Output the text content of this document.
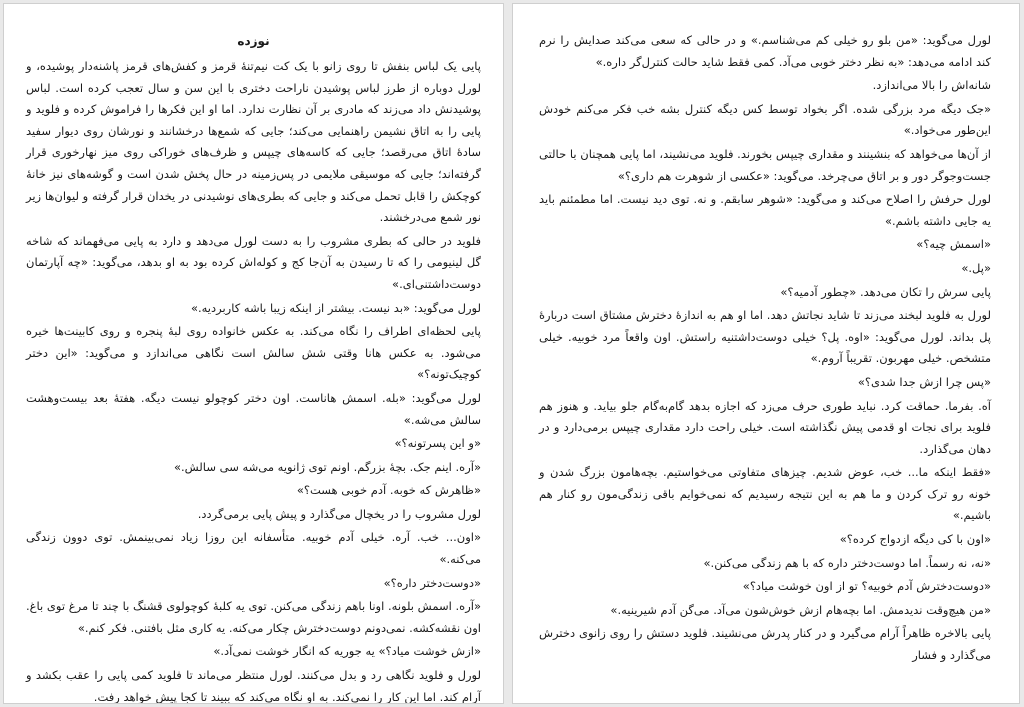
نوزده

پایی یک لباس بنفش تا روی زانو با یک کت نیم‌تنهٔ قرمز و کفش‌های قرمز پاشنه‌دار پوشیده، و لورل دوباره از طرز لباس پوشیدن ناراحت دختری با این سن و سال تعجب کرده است. لباس پوشیدنش داد می‌زند که مادری بر آن نظارت ندارد. اما او این فکرها را فراموش کرده و فلوید و پایی را به اتاق نشیمن راهنمایی می‌کند؛ جایی که شمع‌ها درخشانند و نورشان روی دیوار سفید سادهٔ اتاق می‌رقصد؛ جایی که کاسه‌های چیپس و ظرف‌های خوراکی روی میز نهارخوری قرار گرفته‌اند؛ جایی که موسیقی ملایمی در پس‌زمینه در حال پخش شدن است و گوشه‌های نیز خانهٔ کوچکش را قابل تحمل می‌کند و جایی که بطری‌های نوشیدنی در یخدان قرار گرفته و لیوان‌ها زیر نور شمع می‌درخشند.

فلوید در حالی که بطری مشروب را به دست لورل می‌دهد و دارد به پایی می‌فهماند که شاخه گل لینیومی را که تا رسیدن به آن‌جا کج و کوله‌اش کرده بود به او بدهد، می‌گوید: «چه آپارتمان دوست‌داشتنی‌ای.»

لورل می‌گوید: «بد نیست. بیشتر از اینکه زیبا باشه کاربردیه.»

پایی لحظه‌ای اطراف را نگاه می‌کند. به عکس خانواده روی لبهٔ پنجره و روی کابینت‌ها خیره می‌شود. به عکس هانا وقتی شش سالش است نگاهی می‌اندازد و می‌گوید: «این دختر کوچیک‌تونه؟»

لورل می‌گوید: «بله. اسمش هاناست. اون دختر کوچولو نیست دیگه. هفتهٔ بعد بیست‌وهشت سالش می‌شه.»

«و این پسرتونه؟»

«آره. اینم جک. بچهٔ بزرگم. اونم توی ژانویه می‌شه سی سالش.»

«ظاهرش که خوبه. آدم خوبی هست؟»

لورل مشروب را در یخچال می‌گذارد و پیش پایی برمی‌گردد.

«اون... خب. آره. خیلی آدم خوبیه. متأسفانه این روزا زیاد نمی‌بینمش. توی دوون زندگی می‌کنه.»

«دوست‌دختر داره؟»

«آره. اسمش بلونه. اونا باهم زندگی می‌کنن. توی یه کلبهٔ کوچولوی قشنگ با چند تا مرغ توی باغ. اون نقشه‌کشه. نمی‌دونم دوست‌دخترش چکار می‌کنه. یه کاری مثل بافتنی. فکر کنم.»

«ازش خوشت میاد؟» یه جوریه که انگار خوشت نمی‌آد.»

لورل و فلوید نگاهی رد و بدل می‌کنند. لورل منتظر می‌ماند تا فلوید کمی پایی را عقب بکشد و آرام کند. اما این کار را نمی‌کند. به او نگاه می‌کند که ببیند تا کجا پیش خواهد رفت.

لورل می‌گوید: «من بلو رو خیلی کم می‌شناسم.» و در حالی که سعی می‌کند صدایش را نرم کند ادامه می‌دهد: «به نظر دختر خوبی می‌آد. کمی فقط شاید حالت کنترل‌گر داره.»

شانه‌اش را بالا می‌اندازد.

«جک دیگه مرد بزرگی شده. اگر بخواد توسط کس دیگه کنترل بشه خب فکر می‌کنم خودش این‌طور می‌خواد.»

از آن‌ها می‌خواهد که بنشینند و مقداری چیپس بخورند. فلوید می‌نشیند، اما پایی همچنان با حالتی جست‌وجوگر دور و بر اتاق می‌چرخد. می‌گوید: «عکسی از شوهرت هم داری؟»

لورل حرفش را اصلاح می‌کند و می‌گوید: «شوهر سابقم. و نه. توی دید نیست. اما مطمئنم باید یه جایی داشته باشم.»

«اسمش چیه؟»

«پل.»

پایی سرش را تکان می‌دهد. «چطور آدمیه؟»

لورل به فلوید لبخند می‌زند تا شاید نجاتش دهد. اما او هم به اندازهٔ دخترش مشتاق است دربارهٔ پل بداند. لورل می‌گوید: «اوه. پل؟ خیلی دوست‌داشتنیه راستش. اون واقعاً مرد خوبیه. خیلی متشخص. خیلی مهربون. تقریباً آروم.»

«پس چرا ازش جدا شدی؟»

آه. بفرما. حماقت کرد. نباید طوری حرف می‌زد که اجازه بدهد گام‌به‌گام جلو بیاید. و هنوز هم فلوید برای نجات او قدمی پیش نگذاشته است. خیلی راحت دارد مقداری چیپس برمی‌دارد و در دهان می‌گذارد.

«فقط اینکه ما... خب، عوض شدیم. چیزهای متفاوتی می‌خواستیم. بچه‌هامون بزرگ شدن و خونه رو ترک کردن و ما هم به این نتیجه رسیدیم که نمی‌خوایم باقی زندگی‌مون رو کنار هم باشیم.»

«اون با کی دیگه ازدواج کرده؟»

«نه، نه رسماً. اما دوست‌دختر داره که با هم زندگی می‌کنن.»

«دوست‌دخترش آدم خوبیه؟ تو از اون خوشت میاد؟»

«من هیچ‌وقت ندیدمش. اما بچه‌هام ازش خوش‌شون می‌آد. می‌گن آدم شیرینیه.»

پایی بالاخره ظاهراً آرام می‌گیرد و در کنار پدرش می‌نشیند. فلوید دستش را روی زانوی دخترش می‌گذارد و فشار
